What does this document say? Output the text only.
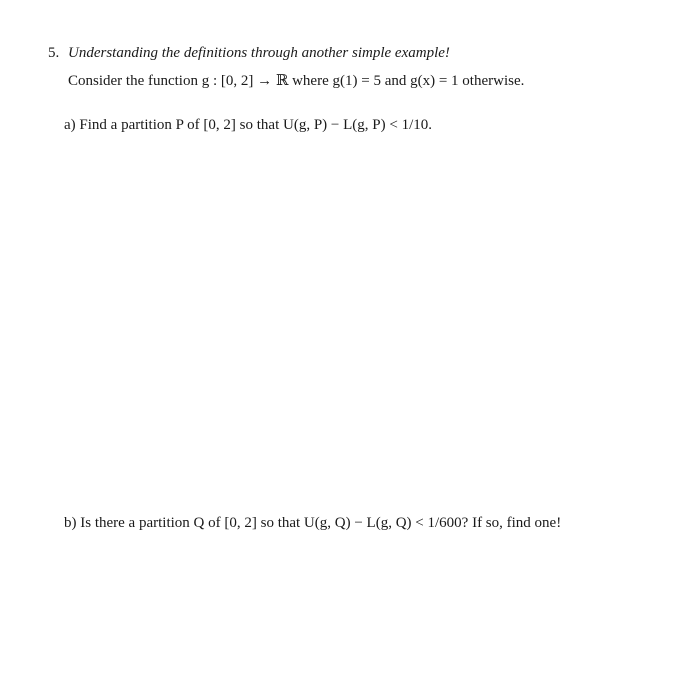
5. Understanding the definitions through another simple example!
Consider the function g : [0, 2] → ℝ where g(1) = 5 and g(x) = 1 otherwise.
a) Find a partition P of [0, 2] so that U(g, P) − L(g, P) < 1/10.
b) Is there a partition Q of [0, 2] so that U(g, Q) − L(g, Q) < 1/600? If so, find one!
